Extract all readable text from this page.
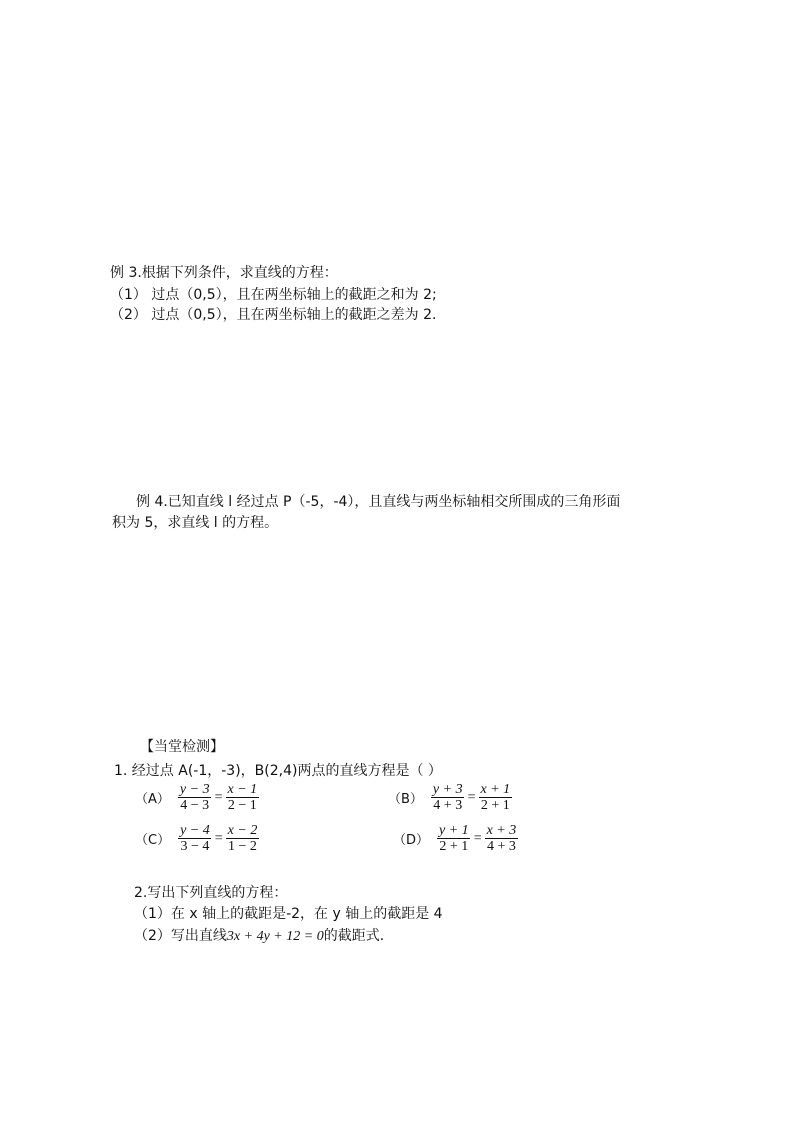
例 3.根据下列条件，求直线的方程：
（1） 过点（0,5），且在两坐标轴上的截距之和为 2;
（2） 过点（0,5），且在两坐标轴上的截距之差为 2.
例 4.已知直线 l 经过点 P（-5，-4），且直线与两坐标轴相交所围成的三角形面
积为 5，求直线 l 的方程。
【当堂检测】
1. 经过点 A(-1，-3)，B(2,4)两点的直线方程是（ ）
$(A) \frac{y - 3}{4 - 3} = \frac{x - 1}{2 - 1}$	$(B) \frac{y + 3}{4 + 3} = \frac{x + 1}{2 + 1}$
$(C) \frac{y - 4}{3 - 4} = \frac{x - 2}{1 - 2}$	$(D) \frac{y + 1}{2 + 1} = \frac{x + 3}{4 + 3}$
2.写出下列直线的方程：
（1）在 x 轴上的截距是-2，在 y 轴上的截距是 4
（2）写出直线3x + 4y + 12 = 0的截距式.
